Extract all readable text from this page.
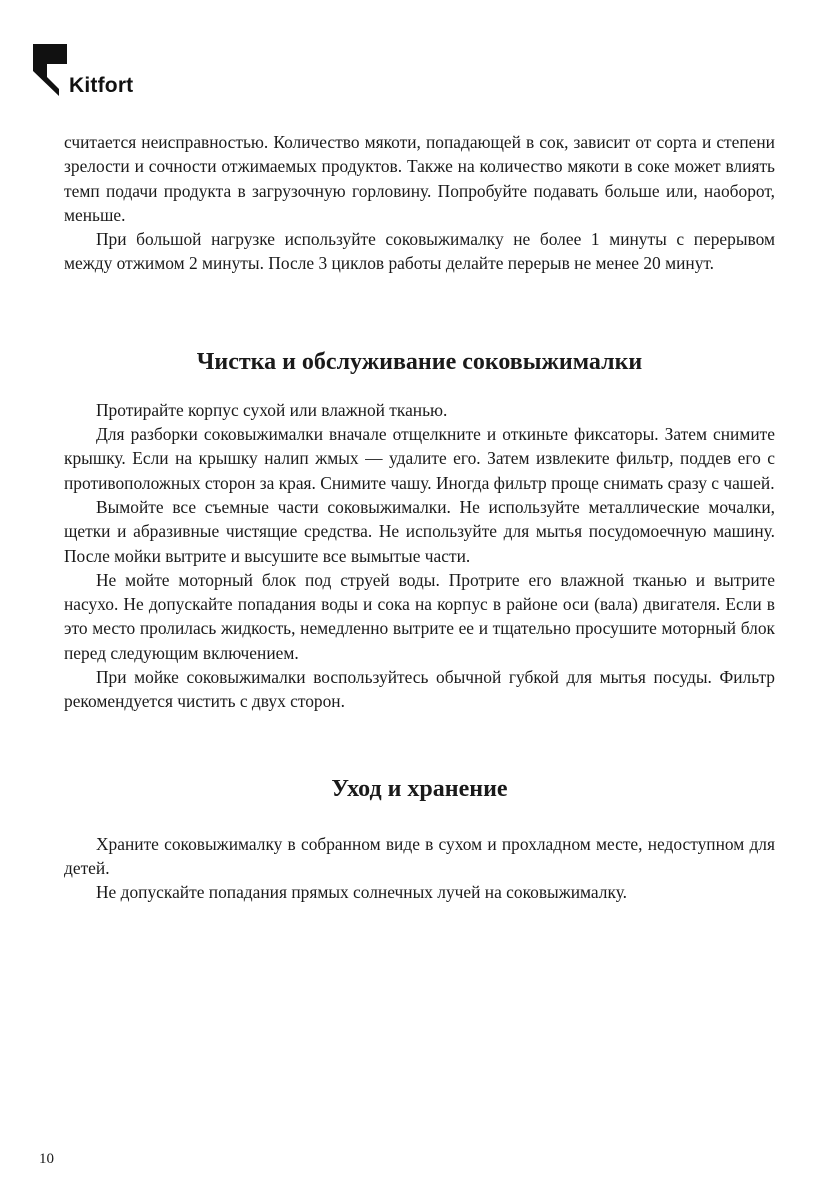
Kitfort

считается неисправностью. Количество мякоти, попадающей в сок, зависит от сорта и степени зрелости и сочности отжимаемых продуктов. Также на количество мякоти в соке может влиять темп подачи продукта в загрузочную горловину. Попробуйте подавать больше или, наоборот, меньше.

При большой нагрузке используйте соковыжималку не более 1 минуты с перерывом между отжимом 2 минуты. После 3 циклов работы делайте перерыв не менее 20 минут.

Чистка и обслуживание соковыжималки

Протирайте корпус сухой или влажной тканью.

Для разборки соковыжималки вначале отщелкните и откиньте фиксаторы. Затем снимите крышку. Если на крышку налип жмых — удалите его. Затем извлеките фильтр, поддев его с противоположных сторон за края. Снимите чашу. Иногда фильтр проще снимать сразу с чашей.

Вымойте все съемные части соковыжималки. Не используйте металлические мочалки, щетки и абразивные чистящие средства. Не используйте для мытья посудомоечную машину. После мойки вытрите и высушите все вымытые части.

Не мойте моторный блок под струей воды. Протрите его влажной тканью и вытрите насухо. Не допускайте попадания воды и сока на корпус в районе оси (вала) двигателя. Если в это место пролилась жидкость, немедленно вытрите ее и тщательно просушите моторный блок перед следующим включением.

При мойке соковыжималки воспользуйтесь обычной губкой для мытья посуды. Фильтр рекомендуется чистить с двух сторон.

Уход и хранение

Храните соковыжималку в собранном виде в сухом и прохладном месте, недоступном для детей.

Не допускайте попадания прямых солнечных лучей на соковыжималку.

10
